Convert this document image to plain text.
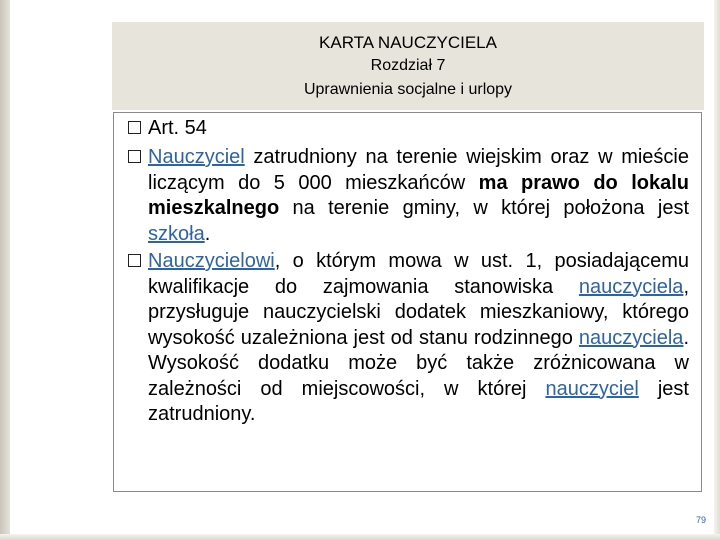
KARTA NAUCZYCIELA
Rozdział 7
Uprawnienia socjalne i urlopy
Art. 54
Nauczyciel zatrudniony na terenie wiejskim oraz w mieście liczącym do 5 000 mieszkańców ma prawo do lokalu mieszkalnego na terenie gminy, w której położona jest szkoła.
Nauczycielowi, o którym mowa w ust. 1, posiadającemu kwalifikacje do zajmowania stanowiska nauczyciela, przysługuje nauczycielski dodatek mieszkaniowy, którego wysokość uzależniona jest od stanu rodzinnego nauczyciela. Wysokość dodatku może być także zróżnicowana w zależności od miejscowości, w której nauczyciel jest zatrudniony.
79
